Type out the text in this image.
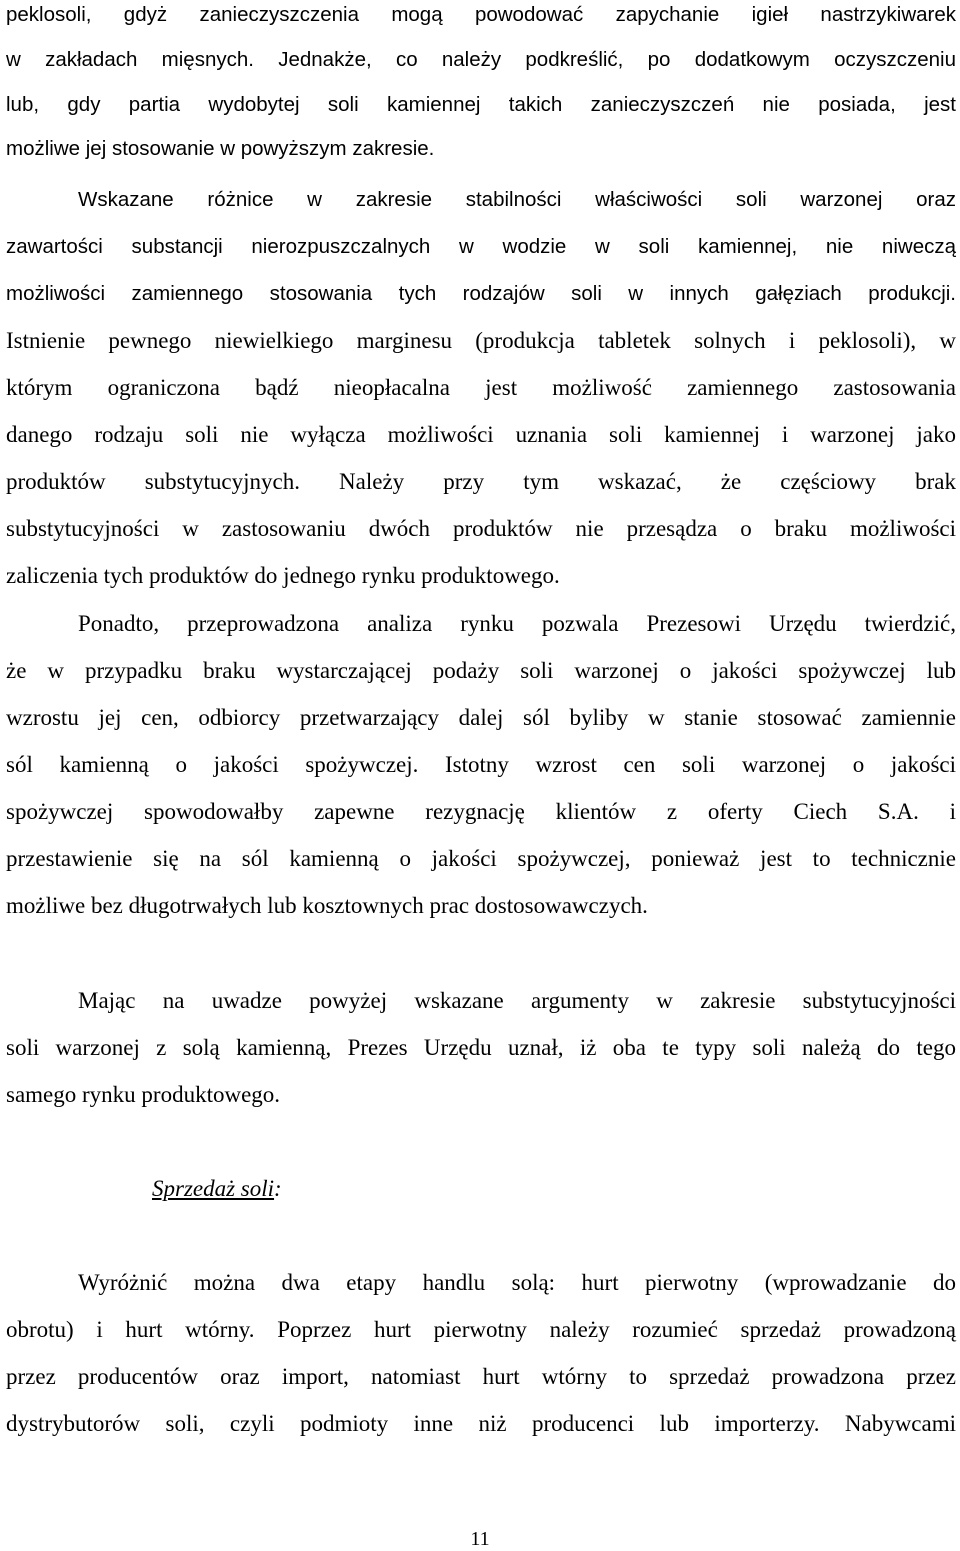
peklosoli, gdyż zanieczyszczenia mogą powodować zapychanie igieł nastrzykiwarek
w zakładach mięsnych. Jednakże, co należy podkreślić, po dodatkowym oczyszczeniu
lub, gdy partia wydobytej soli kamiennej takich zanieczyszczeń nie posiada, jest
możliwe jej stosowanie w powyższym zakresie.
Wskazane różnice w zakresie stabilności właściwości soli warzonej oraz
zawartości substancji nierozpuszczalnych w wodzie w soli kamiennej, nie niweczą
możliwości zamiennego stosowania tych rodzajów soli w innych gałęziach produkcji.
Istnienie pewnego niewielkiego marginesu (produkcja tabletek solnych i peklosoli), w
którym ograniczona bądź nieopłacalna jest możliwość zamiennego zastosowania
danego rodzaju soli nie wyłącza możliwości uznania soli kamiennej i warzonej jako
produktów substytucyjnych. Należy przy tym wskazać, że częściowy brak
substytucyjności w zastosowaniu dwóch produktów nie przesądza o braku możliwości
zaliczenia tych produktów do jednego rynku produktowego.
Ponadto, przeprowadzona analiza rynku pozwala Prezesowi Urzędu twierdzić,
że w przypadku braku wystarczającej podaży soli warzonej o jakości spożywczej lub
wzrostu jej cen, odbiorcy przetwarzający dalej sól byliby w stanie stosować zamiennie
sól kamienną o jakości spożywczej. Istotny wzrost cen soli warzonej o jakości
spożywczej spowodowałby zapewne rezygnację klientów z oferty Ciech S.A. i
przestawienie się na sól kamienną o jakości spożywczej, ponieważ jest to technicznie
możliwe bez długotrwałych lub kosztownych prac dostosowawczych.
Mając na uwadze powyżej wskazane argumenty w zakresie substytucyjności
soli warzonej z solą kamienną, Prezes Urzędu uznał, iż oba te typy soli należą do tego
samego rynku produktowego.
Sprzedaż soli:
Wyróżnić można dwa etapy handlu solą: hurt pierwotny (wprowadzanie do
obrotu) i hurt wtórny. Poprzez hurt pierwotny należy rozumieć sprzedaż prowadzoną
przez producentów oraz import, natomiast hurt wtórny to sprzedaż prowadzona przez
dystrybutorów soli, czyli podmioty inne niż producenci lub importerzy. Nabywcami
11
